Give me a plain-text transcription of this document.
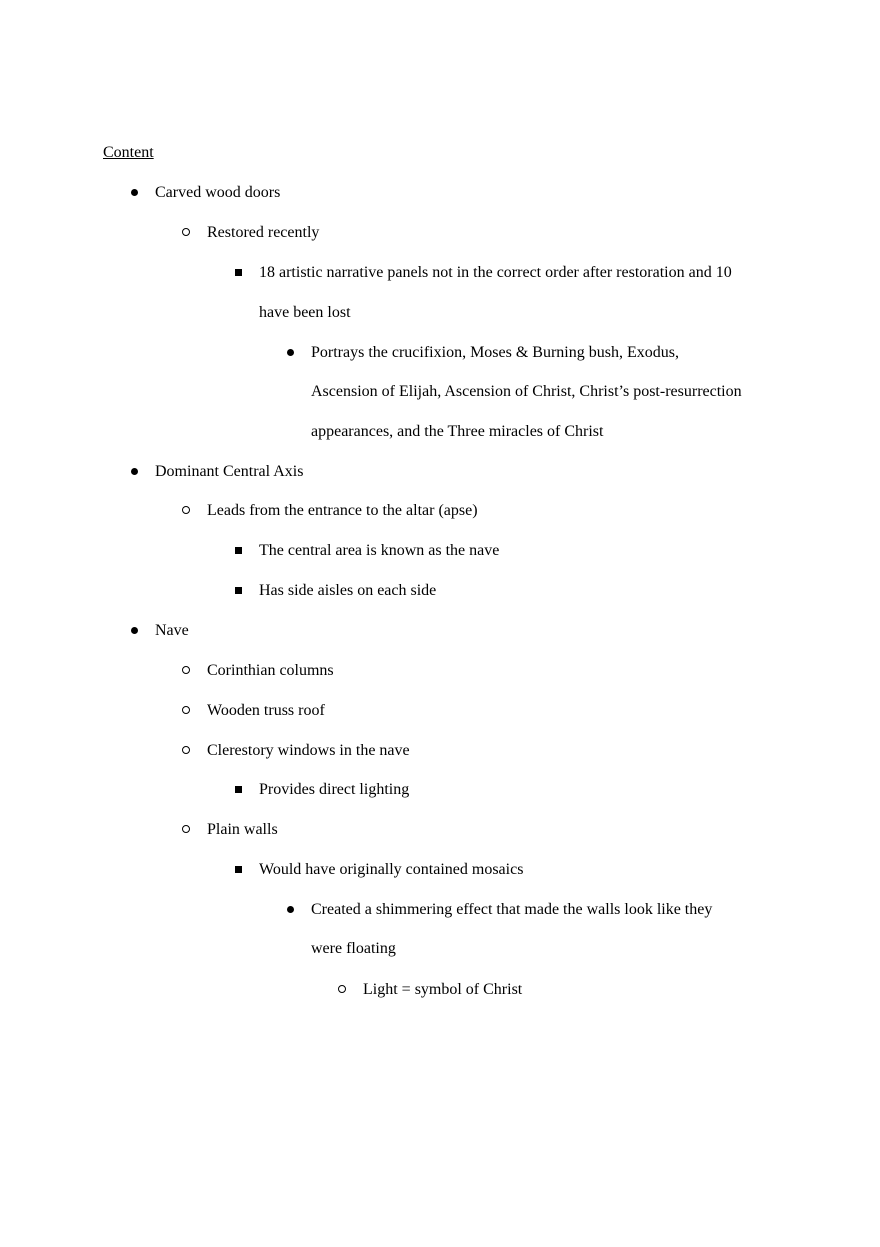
Content

Carved wood doors

Restored recently

18 artistic narrative panels not in the correct order after restoration and 10

have been lost

Portrays the crucifixion, Moses & Burning bush, Exodus,

Ascension of Elijah, Ascension of Christ, Christ’s post-resurrection

appearances, and the Three miracles of Christ

Dominant Central Axis

Leads from the entrance to the altar (apse)

The central area is known as the nave

Has side aisles on each side

Nave

Corinthian columns

Wooden truss roof

Clerestory windows in the nave

Provides direct lighting

Plain walls

Would have originally contained mosaics

Created a shimmering effect that made the walls look like they

were floating

Light = symbol of Christ
